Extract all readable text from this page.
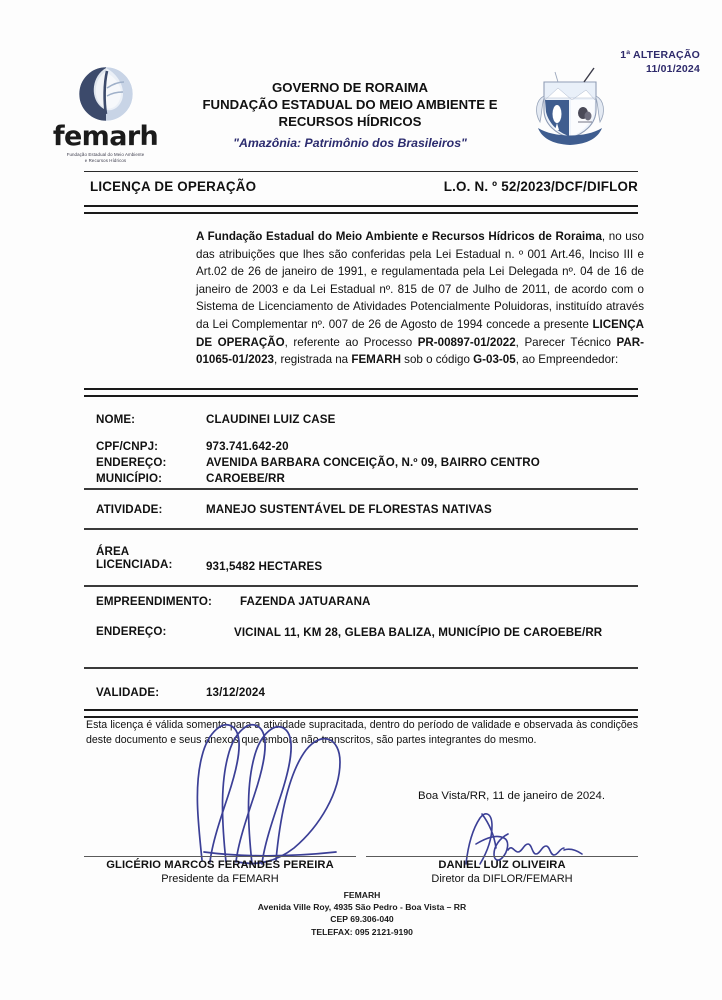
1ª ALTERAÇÃO
11/01/2024
femarh
Fundação Estadual do Meio Ambiente
e Recursos Hídricos
GOVERNO DE RORAIMA
FUNDAÇÃO ESTADUAL DO MEIO AMBIENTE E
RECURSOS HÍDRICOS
"Amazônia: Patrimônio dos Brasileiros"
LICENÇA DE OPERAÇÃO	L.O. N. º 52/2023/DCF/DIFLOR
A Fundação Estadual do Meio Ambiente e Recursos Hídricos de Roraima, no uso das atribuições que lhes são conferidas pela Lei Estadual n. º 001 Art.46, Inciso III e Art.02 de 26 de janeiro de 1991, e regulamentada pela Lei Delegada nº. 04 de 16 de janeiro de 2003 e da Lei Estadual nº. 815 de 07 de Julho de 2011, de acordo com o Sistema de Licenciamento de Atividades Potencialmente Poluidoras, instituído através da Lei Complementar nº. 007 de 26 de Agosto de 1994 concede a presente LICENÇA DE OPERAÇÃO, referente ao Processo PR-00897-01/2022, Parecer Técnico PAR-01065-01/2023, registrada na FEMARH sob o código G-03-05, ao Empreendedor:
NOME:	CLAUDINEI LUIZ CASE
CPF/CNPJ:	973.741.642-20
ENDEREÇO:	AVENIDA BARBARA CONCEIÇÃO, N.º 09, BAIRRO CENTRO
MUNICÍPIO:	CAROEBE/RR
ATIVIDADE:	MANEJO SUSTENTÁVEL DE FLORESTAS NATIVAS
ÁREA
LICENCIADA:	931,5482 HECTARES
EMPREENDIMENTO:	FAZENDA JATUARANA
ENDEREÇO:	VICINAL 11, KM 28, GLEBA BALIZA, MUNICÍPIO DE CAROEBE/RR
VALIDADE:	13/12/2024
Esta licença é válida somente para a atividade supracitada, dentro do período de validade e observada às condições deste documento e seus anexos que embora não transcritos, são partes integrantes do mesmo.
Boa Vista/RR, 11 de janeiro de 2024.
GLICÉRIO MARCOS FERANDES PEREIRA
Presidente da FEMARH
DANIEL LUIZ OLIVEIRA
Diretor da DIFLOR/FEMARH
FEMARH
Avenida Ville Roy, 4935 São Pedro - Boa Vista – RR
CEP 69.306-040
TELEFAX: 095 2121-9190
